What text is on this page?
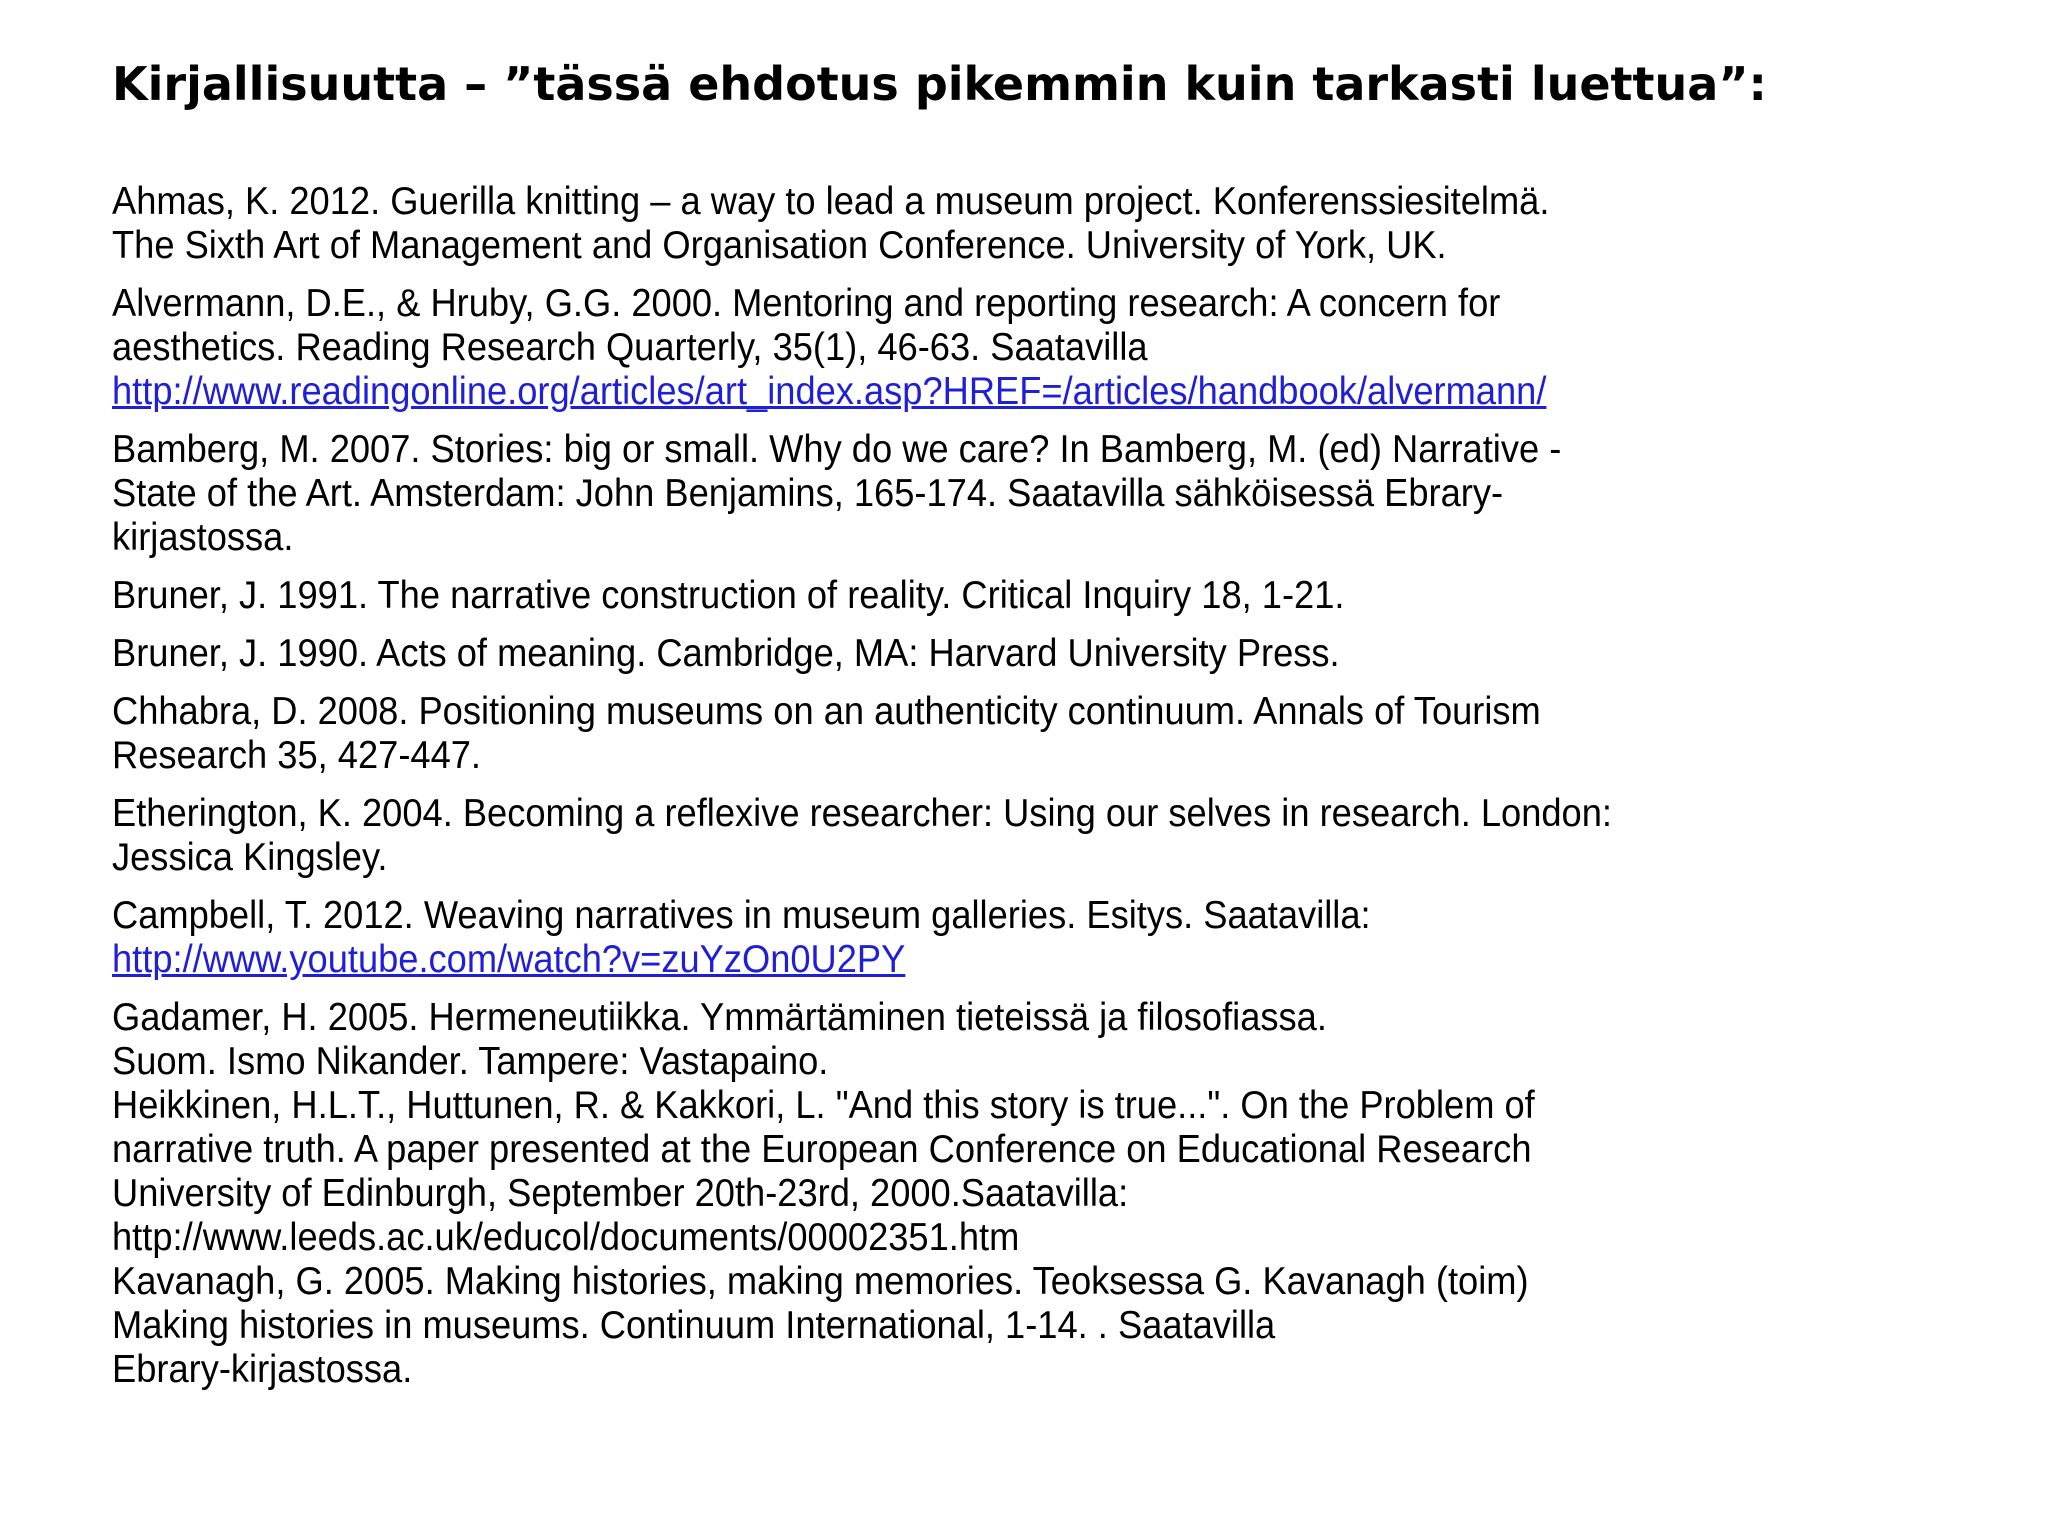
Kirjallisuutta – ”tässä ehdotus pikemmin kuin tarkasti luettua”:
Ahmas, K. 2012. Guerilla knitting – a way to lead a museum project. Konferenssiesitelmä.
The Sixth Art of Management and Organisation Conference. University of York, UK.
Alvermann, D.E., & Hruby, G.G. 2000. Mentoring and reporting research: A concern for
aesthetics. Reading Research Quarterly, 35(1), 46-63. Saatavilla
http://www.readingonline.org/articles/art_index.asp?HREF=/articles/handbook/alvermann/
Bamberg, M. 2007. Stories: big or small. Why do we care? In Bamberg, M. (ed) Narrative -
State of the Art. Amsterdam: John Benjamins, 165-174. Saatavilla sähköisessä Ebrary-
kirjastossa.
Bruner, J. 1991. The narrative construction of reality. Critical Inquiry 18, 1-21.
Bruner, J. 1990. Acts of meaning. Cambridge, MA: Harvard University Press.
Chhabra, D. 2008. Positioning museums on an authenticity continuum. Annals of Tourism
Research 35, 427-447.
Etherington, K. 2004. Becoming a reflexive researcher: Using our selves in research. London:
Jessica Kingsley.
Campbell, T. 2012. Weaving narratives in museum galleries. Esitys. Saatavilla:
http://www.youtube.com/watch?v=zuYzOn0U2PY
Gadamer, H. 2005. Hermeneutiikka. Ymmärtäminen tieteissä ja filosofiassa.
Suom. Ismo Nikander. Tampere: Vastapaino.
Heikkinen, H.L.T., Huttunen, R. & Kakkori, L. "And this story is true...". On the Problem of
narrative truth. A paper presented at the European Conference on Educational Research
University of Edinburgh, September 20th-23rd, 2000.Saatavilla:
http://www.leeds.ac.uk/educol/documents/00002351.htm
Kavanagh, G. 2005. Making histories, making memories. Teoksessa G. Kavanagh (toim)
Making histories in museums. Continuum International, 1-14. . Saatavilla
Ebrary-kirjastossa.
